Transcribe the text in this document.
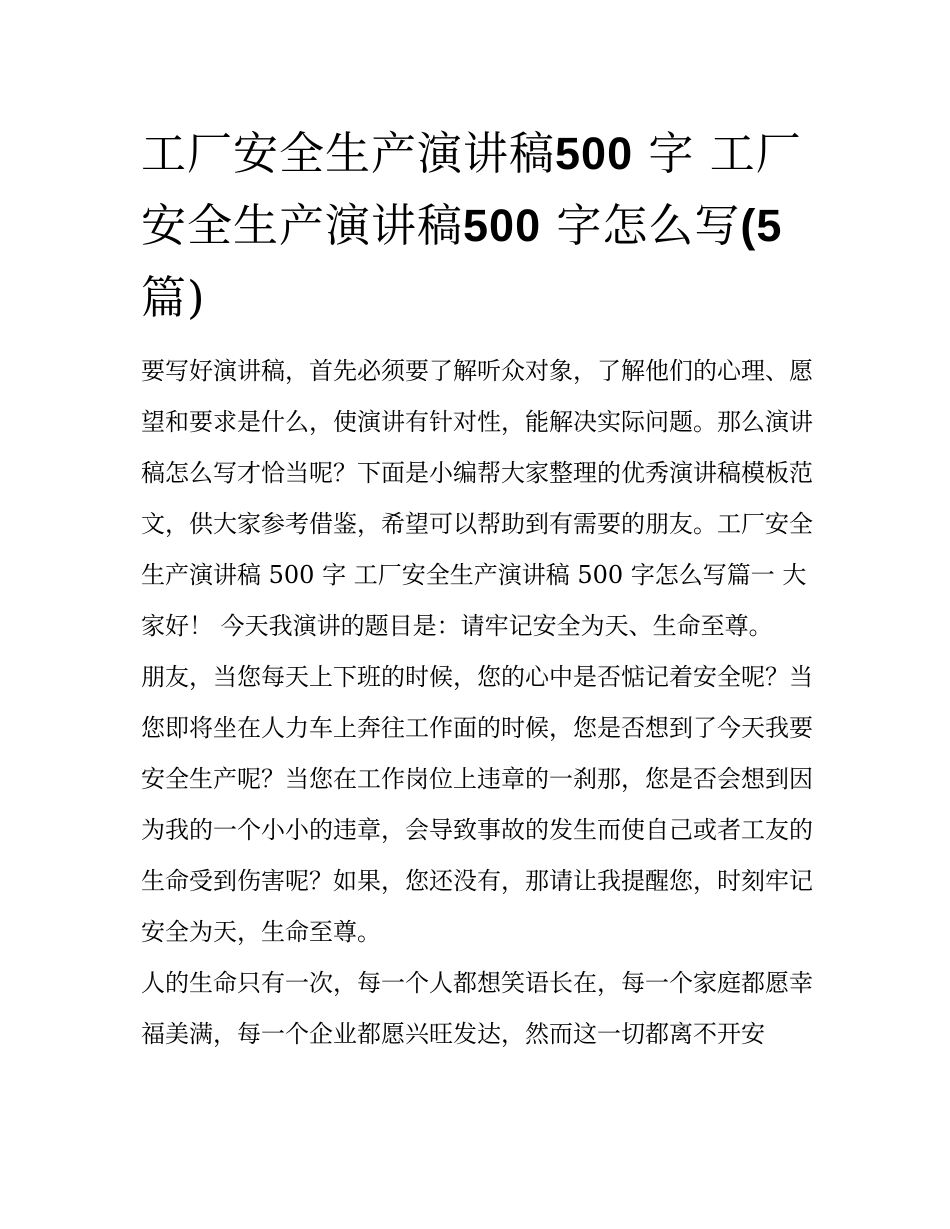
工厂安全生产演讲稿500 字 工厂安全生产演讲稿500 字怎么写(5 篇)

要写好演讲稿，首先必须要了解听众对象，了解他们的心理、愿望和要求是什么，使演讲有针对性，能解决实际问题。那么演讲稿怎么写才恰当呢？下面是小编帮大家整理的优秀演讲稿模板范文，供大家参考借鉴，希望可以帮助到有需要的朋友。工厂安全生产演讲稿 500 字 工厂安全生产演讲稿 500 字怎么写篇一 大家好！ 今天我演讲的题目是：请牢记安全为天、生命至尊。

朋友，当您每天上下班的时候，您的心中是否惦记着安全呢？当您即将坐在人力车上奔往工作面的时候，您是否想到了今天我要安全生产呢？当您在工作岗位上违章的一刹那，您是否会想到因为我的一个小小的违章，会导致事故的发生而使自己或者工友的生命受到伤害呢？如果，您还没有，那请让我提醒您，时刻牢记安全为天，生命至尊。

人的生命只有一次，每一个人都想笑语长在，每一个家庭都愿幸福美满，每一个企业都愿兴旺发达，然而这一切都离不开安
